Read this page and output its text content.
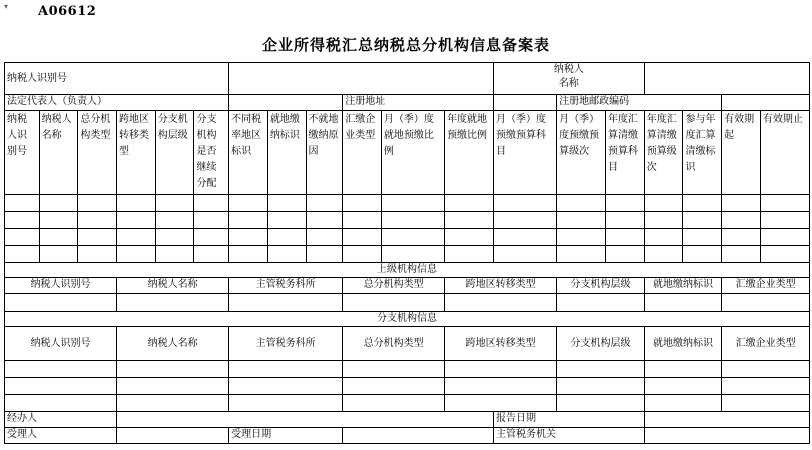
▾ A06612
企业所得税汇总纳税总分机构信息备案表
纳税人识别号												纳税人
名称						
法定代表人（负责人）									注册地址				注册地邮政编码					
纳税人识别号	纳税人名称	总分机构类型	跨地区转移类型	分支机构层级	分支机构是否继续分配	不同税率地区标识	就地缴纳标识	不就地缴纳原因	汇缴企业类型	月（季）度就地预缴比例	年度就地预缴比例	月（季）度预缴预算科目	月（季）度预缴预算级次	年度汇算清缴预算科目	年度汇算清缴预算级次	参与年度汇算清缴标识	有效期起	有效期止

上级机构信息																		
纳税人识别号			纳税人名称			主管税务科所			总分机构类型		跨地区转移类型		分支机构层级		就地缴纳标识		汇缴企业类型	

分支机构信息																		
纳税人识别号			纳税人名称			主管税务科所			总分机构类型		跨地区转移类型		分支机构层级		就地缴纳标识		汇缴企业类型	

经办人												报告日期						
受理人						受理日期						主管税务机关						
